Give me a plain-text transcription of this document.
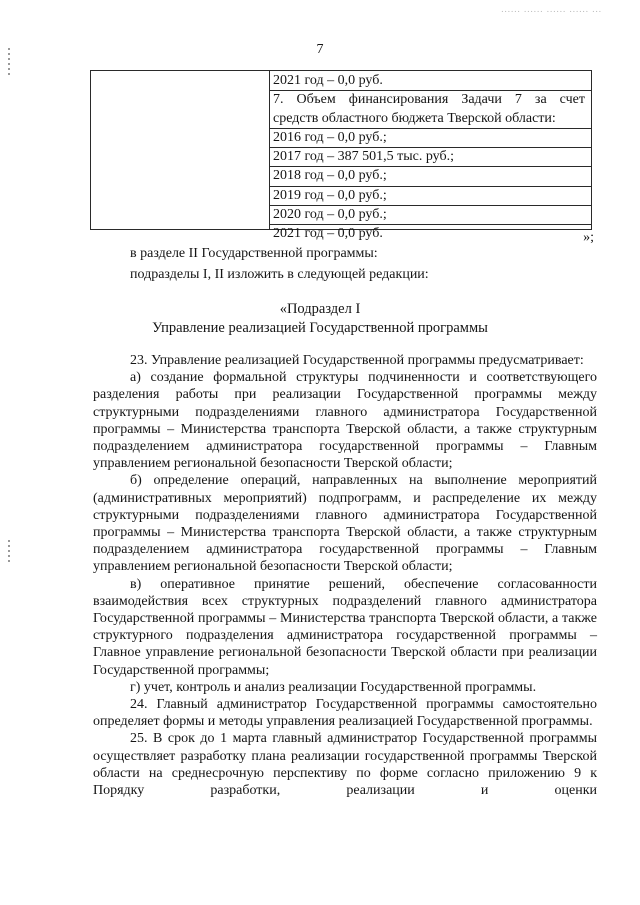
...... ...... ...... ...... ...
7
2021 год – 0,0 руб.
7. Объем финансирования Задачи 7 за счет
средств областного бюджета Тверской области:
2016 год – 0,0 руб.;
2017 год – 387 501,5 тыс. руб.;
2018 год – 0,0 руб.;
2019 год – 0,0 руб.;
2020 год – 0,0 руб.;
2021 год – 0,0 руб.	»;
в разделе II Государственной программы:
подразделы I, II изложить в следующей редакции:
«Подраздел I
Управление реализацией Государственной программы

23. Управление реализацией Государственной программы предусматривает:

а) создание формальной структуры подчиненности и соответствующего разделения работы при реализации Государственной программы между структурными подразделениями главного администратора Государственной программы – Министерства транспорта Тверской области, а также структурным подразделением администратора государственной программы – Главным управлением региональной безопасности Тверской области;

б) определение операций, направленных на выполнение мероприятий (административных мероприятий) подпрограмм, и распределение их между структурными подразделениями главного администратора Государственной программы – Министерства транспорта Тверской области, а также структурным подразделением администратора государственной программы – Главным управлением региональной безопасности Тверской области;

в) оперативное принятие решений, обеспечение согласованности взаимодействия всех структурных подразделений главного администратора Государственной программы – Министерства транспорта Тверской области, а также структурного подразделения администратора государственной программы – Главное управление региональной безопасности Тверской области при реализации Государственной программы;

г) учет, контроль и анализ реализации Государственной программы.

24. Главный администратор Государственной программы самостоятельно определяет формы и методы управления реализацией Государственной программы.

25. В срок до 1 марта главный администратор Государственной программы осуществляет разработку плана реализации государственной программы Тверской области на среднесрочную перспективу по форме согласно приложению 9 к Порядку разработки, реализации и оценки
